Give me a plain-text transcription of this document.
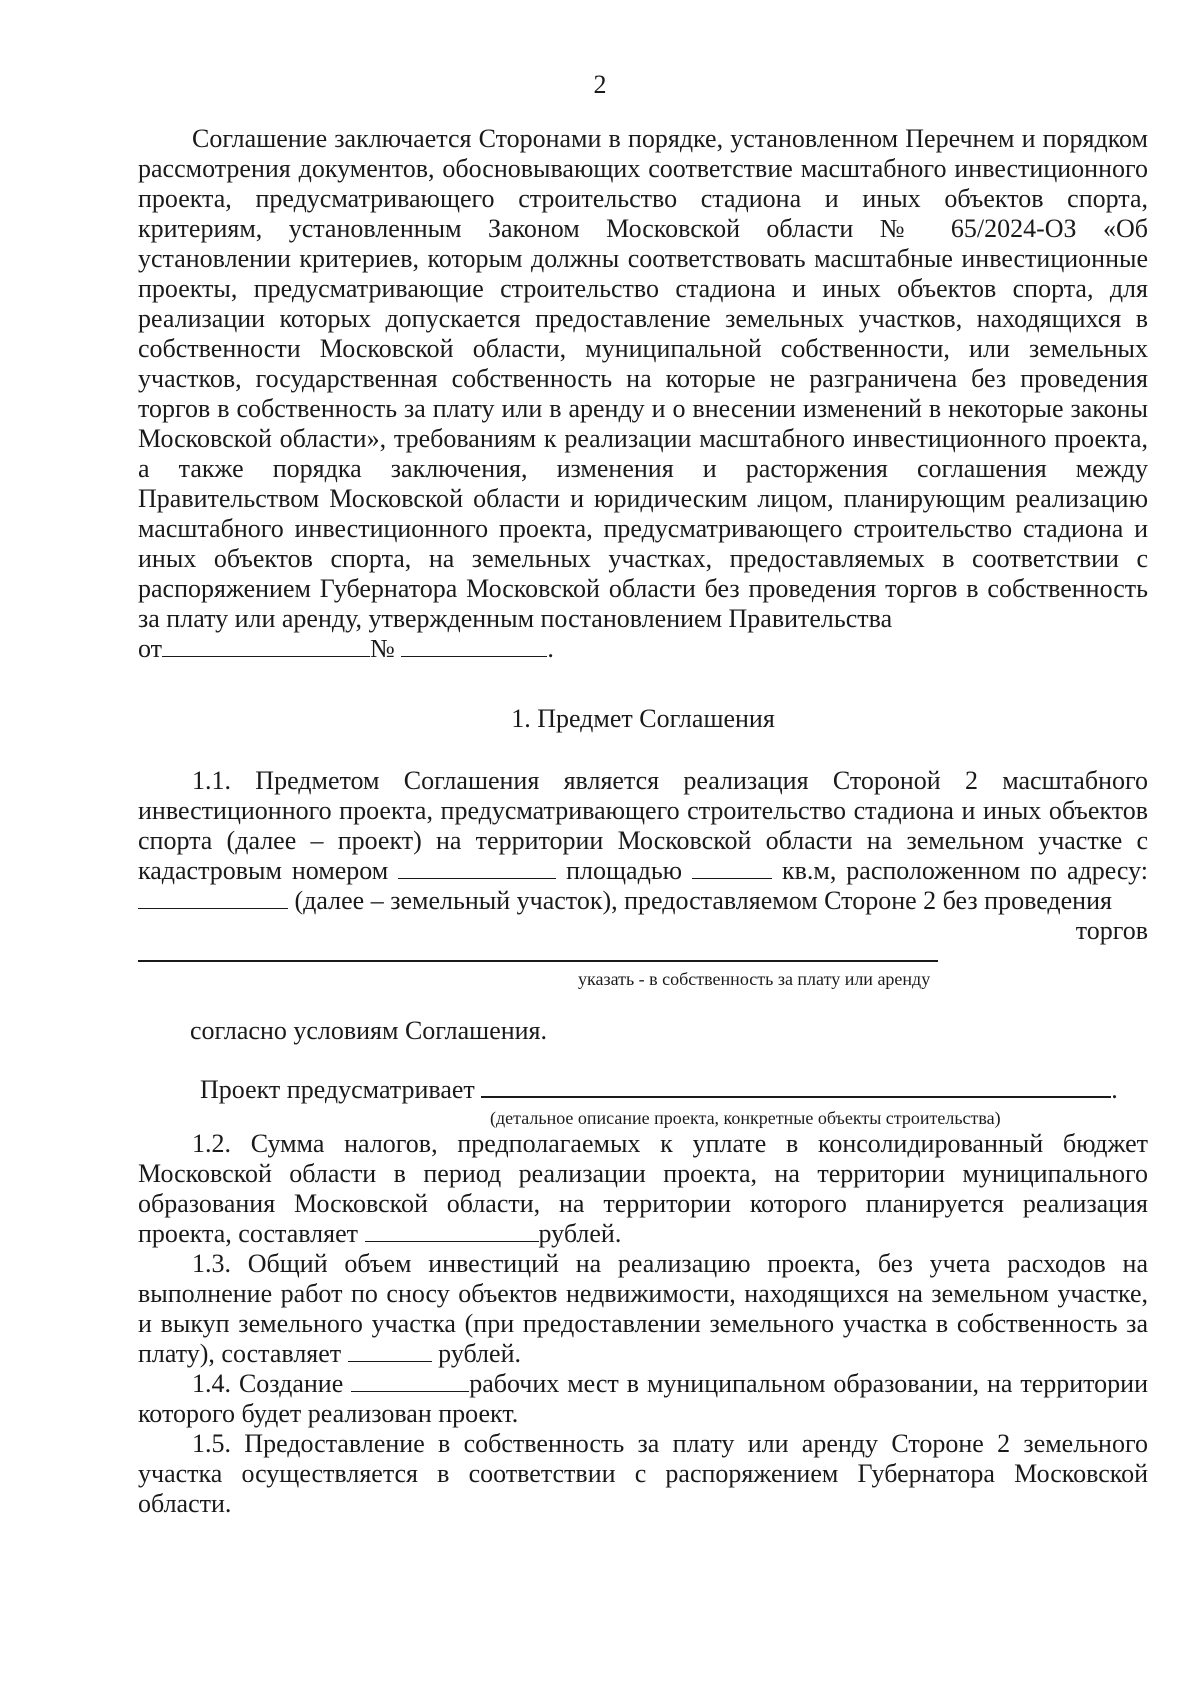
2

Соглашение заключается Сторонами в порядке, установленном Перечнем и порядком рассмотрения документов, обосновывающих соответствие масштабного инвестиционного проекта, предусматривающего строительство стадиона и иных объектов спорта, критериям, установленным Законом Московской области № 65/2024-ОЗ «Об установлении критериев, которым должны соответствовать масштабные инвестиционные проекты, предусматривающие строительство стадиона и иных объектов спорта, для реализации которых допускается предоставление земельных участков, находящихся в собственности Московской области, муниципальной собственности, или земельных участков, государственная собственность на которые не разграничена без проведения торгов в собственность за плату или в аренду и о внесении изменений в некоторые законы Московской области», требованиям к реализации масштабного инвестиционного проекта, а также порядка заключения, изменения и расторжения соглашения между Правительством Московской области и юридическим лицом, планирующим реализацию масштабного инвестиционного проекта, предусматривающего строительство стадиона и иных объектов спорта, на земельных участках, предоставляемых в соответствии с распоряжением Губернатора Московской области без проведения торгов в собственность за плату или аренду, утвержденным постановлением Правительства

от	№	.

1. Предмет Соглашения

1.1. Предметом Соглашения является реализация Стороной 2 масштабного инвестиционного проекта, предусматривающего строительство стадиона и иных объектов спорта (далее – проект) на территории Московской области на земельном участке с кадастровым номером	площадью	кв.м, расположенном по адресу:  (далее – земельный участок), предоставляемом Стороне 2 без проведения

торгов

указать - в собственность за плату или аренду

согласно условиям Соглашения.

Проект предусматривает	.

(детальное описание проекта, конкретные объекты строительства)

1.2. Сумма налогов, предполагаемых к уплате в консолидированный бюджет Московской области в период реализации проекта, на территории муниципального образования Московской области, на территории которого планируется реализация проекта, составляет	рублей.

1.3. Общий объем инвестиций на реализацию проекта, без учета расходов на выполнение работ по сносу объектов недвижимости, находящихся на земельном участке, и выкуп земельного участка (при предоставлении земельного участка в собственность за плату), составляет	рублей.

1.4. Создание	рабочих мест в муниципальном образовании, на территории которого будет реализован проект.

1.5. Предоставление в собственность за плату или аренду Стороне 2 земельного участка осуществляется в соответствии с распоряжением Губернатора Московской области.
